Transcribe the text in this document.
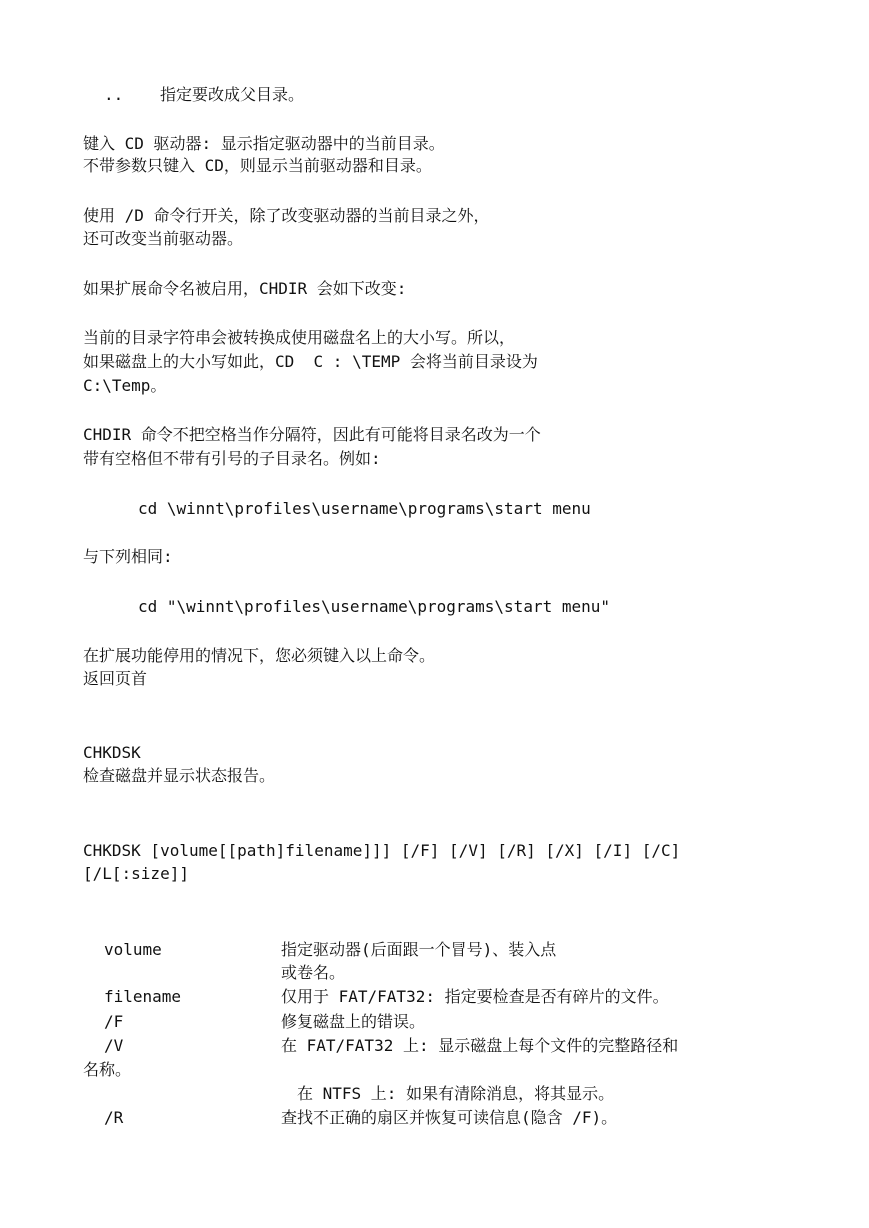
.. 指定要改成父目录。

键入 CD 驱动器: 显示指定驱动器中的当前目录。

不带参数只键入 CD，则显示当前驱动器和目录。

使用 /D 命令行开关，除了改变驱动器的当前目录之外，

还可改变当前驱动器。

如果扩展命令名被启用，CHDIR 会如下改变:

当前的目录字符串会被转换成使用磁盘名上的大小写。所以，

如果磁盘上的大小写如此，CD  C : \TEMP 会将当前目录设为

C:\Temp。

CHDIR 命令不把空格当作分隔符，因此有可能将目录名改为一个

带有空格但不带有引号的子目录名。例如:

cd \winnt\profiles\username\programs\start menu

与下列相同:

cd "\winnt\profiles\username\programs\start menu"

在扩展功能停用的情况下，您必须键入以上命令。

返回页首

CHKDSK

检查磁盘并显示状态报告。

CHKDSK [volume[[path]filename]]] [/F] [/V] [/R] [/X] [/I] [/C]

[/L[:size]]

volume	指定驱动器(后面跟一个冒号)、装入点
或卷名。
filename	仅用于 FAT/FAT32: 指定要检查是否有碎片的文件。
/F	修复磁盘上的错误。
/V	在 FAT/FAT32 上: 显示磁盘上每个文件的完整路径和
名称。
在 NTFS 上: 如果有清除消息，将其显示。
/R	查找不正确的扇区并恢复可读信息(隐含 /F)。
